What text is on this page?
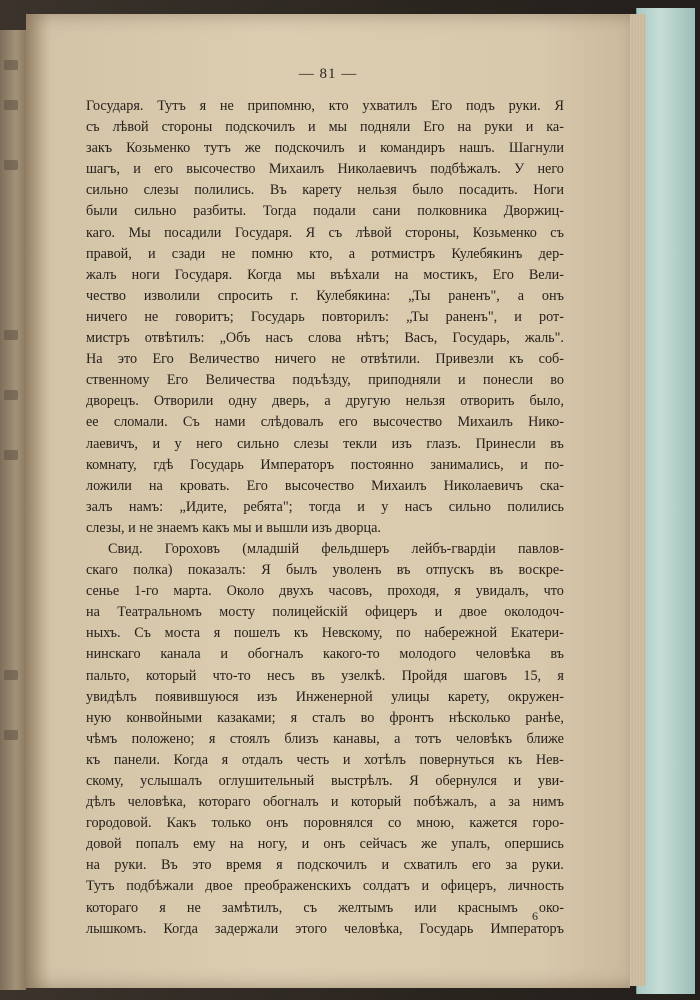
— 81 —
Государя. Тутъ я не припомню, кто ухватилъ Его подъ руки. Я
съ лѣвой стороны подскочилъ и мы подняли Его на руки и ка-
закъ Козьменко тутъ же подскочилъ и командиръ нашъ. Шагнули
шагъ, и его высочество Михаилъ Николаевичъ подбѣжалъ. У него
сильно слезы полились. Въ карету нельзя было посадить. Ноги
были сильно разбиты. Тогда подали сани полковника Дворжиц-
каго. Мы посадили Государя. Я съ лѣвой стороны, Козьменко съ
правой, и сзади не помню кто, а ротмистръ Кулебякинъ дер-
жалъ ноги Государя. Когда мы въѣхали на мостикъ, Его Вели-
чество изволили спросить г. Кулебякина: „Ты раненъ", а онъ
ничего не говоритъ; Государь повторилъ: „Ты раненъ", и рот-
мистръ отвѣтилъ: „Объ насъ слова нѣтъ; Васъ, Государь, жаль".
На это Его Величество ничего не отвѣтили. Привезли къ соб-
ственному Его Величества подъѣзду, приподняли и понесли во
дворецъ. Отворили одну дверь, а другую нельзя отворить было,
ее сломали. Съ нами слѣдовалъ его высочество Михаилъ Нико-
лаевичъ, и у него сильно слезы текли изъ глазъ. Принесли въ
комнату, гдѣ Государь Императоръ постоянно занимались, и по-
ложили на кровать. Его высочество Михаилъ Николаевичъ ска-
залъ намъ: „Идите, ребята"; тогда и у насъ сильно полились
слезы, и не знаемъ какъ мы и вышли изъ дворца.
Свид. Гороховъ (младшій фельдшеръ лейбъ-гвардіи павлов-
скаго полка) показалъ: Я былъ уволенъ въ отпускъ въ воскре-
сенье 1-го марта. Около двухъ часовъ, проходя, я увидалъ, что
на Театральномъ мосту полицейскій офицеръ и двое околодоч-
ныхъ. Съ моста я пошелъ къ Невскому, по набережной Екатери-
нинскаго канала и обогналъ какого-то молодого человѣка въ
пальто, который что-то несъ въ узелкѣ. Пройдя шаговъ 15, я
увидѣлъ появившуюся изъ Инженерной улицы карету, окружен-
ную конвойными казаками; я сталъ во фронтъ нѣсколько ранѣе,
чѣмъ положено; я стоялъ близъ канавы, а тотъ человѣкъ ближе
къ панели. Когда я отдалъ честь и хотѣлъ повернуться къ Нев-
скому, услышалъ оглушительный выстрѣлъ. Я обернулся и уви-
дѣлъ человѣка, котораго обогналъ и который побѣжалъ, а за нимъ
городовой. Какъ только онъ поровнялся со мною, кажется горо-
довой попалъ ему на ногу, и онъ сейчасъ же упалъ, опершись
на руки. Въ это время я подскочилъ и схватилъ его за руки.
Тутъ подбѣжали двое преображенскихъ солдатъ и офицеръ, личность
котораго я не замѣтилъ, съ желтымъ или краснымъ око-
лышкомъ. Когда задержали этого человѣка, Государь Императоръ
6
